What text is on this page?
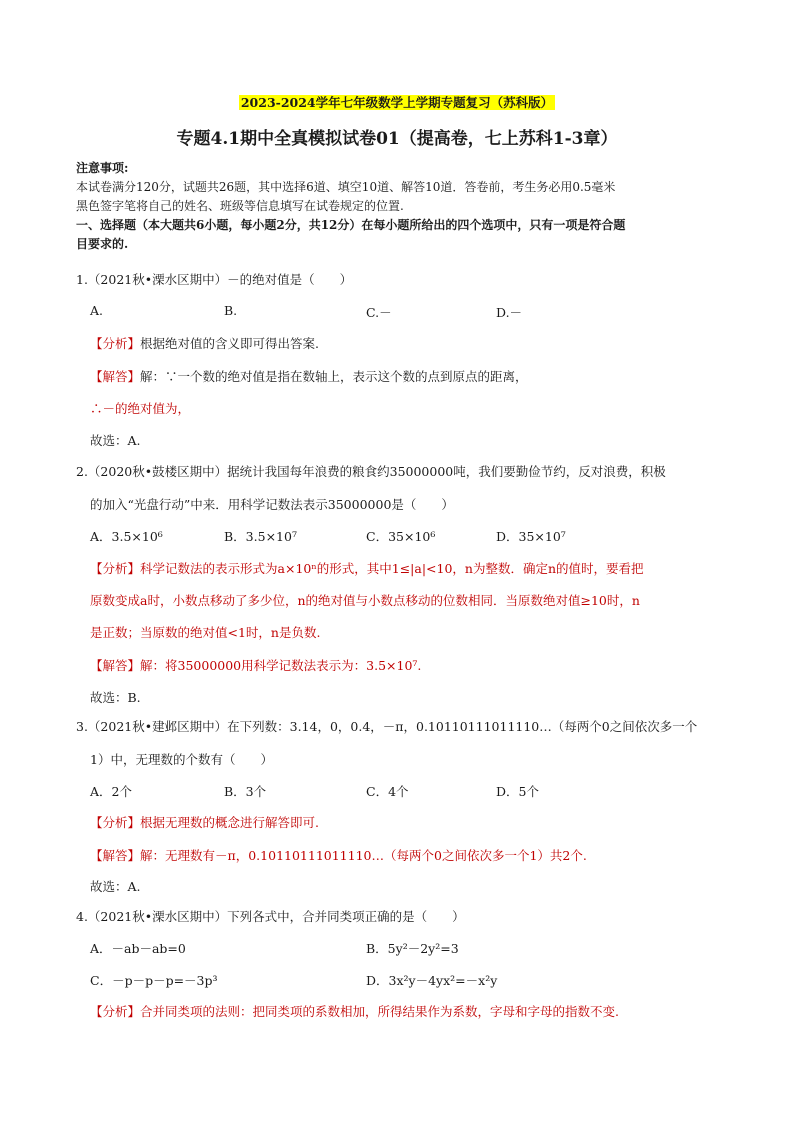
2023-2024学年七年级数学上学期专题复习（苏科版）
专题4.1期中全真模拟试卷01（提高卷，七上苏科1-3章）
注意事项:
本试卷满分120分，试题共26题，其中选择6道、填空10道、解答10道．答卷前，考生务必用0.5毫米
黑色签字笔将自己的姓名、班级等信息填写在试卷规定的位置.
一、选择题（本大题共6小题，每小题2分，共12分）在每小题所给出的四个选项中，只有一项是符合题
目要求的.
1.（2021秋•溧水区期中）－的绝对值是（　　）
A.	B.	C.－	D.－
【分析】根据绝对值的含义即可得出答案.
【解答】解：∵一个数的绝对值是指在数轴上，表示这个数的点到原点的距离，
∴－的绝对值为，
故选：A.
2.（2020秋•鼓楼区期中）据统计我国每年浪费的粮食约35000000吨，我们要勤俭节约，反对浪费，积极
的加入“光盘行动”中来．用科学记数法表示35000000是（　　）
A．3.5×10⁶	B．3.5×10⁷	C．35×10⁶	D．35×10⁷
【分析】科学记数法的表示形式为a×10ⁿ的形式，其中1≤|a|<10，n为整数．确定n的值时，要看把
原数变成a时，小数点移动了多少位，n的绝对值与小数点移动的位数相同．当原数绝对值≥10时，n
是正数；当原数的绝对值<1时，n是负数.
【解答】解：将35000000用科学记数法表示为：3.5×10⁷.
故选：B.
3.（2021秋•建邺区期中）在下列数：3.14，0，0.4，－π，0.10110111011110…（每两个0之间依次多一个
1）中，无理数的个数有（　　）
A．2个	B．3个	C．4个	D．5个
【分析】根据无理数的概念进行解答即可.
【解答】解：无理数有－π，0.10110111011110…（每两个0之间依次多一个1）共2个.
故选：A.
4.（2021秋•溧水区期中）下列各式中，合并同类项正确的是（　　）
A．－ab－ab=0	B．5y²－2y²=3
C．－p－p－p=－3p³	D．3x²y－4yx²=－x²y
【分析】合并同类项的法则：把同类项的系数相加，所得结果作为系数，字母和字母的指数不变.
